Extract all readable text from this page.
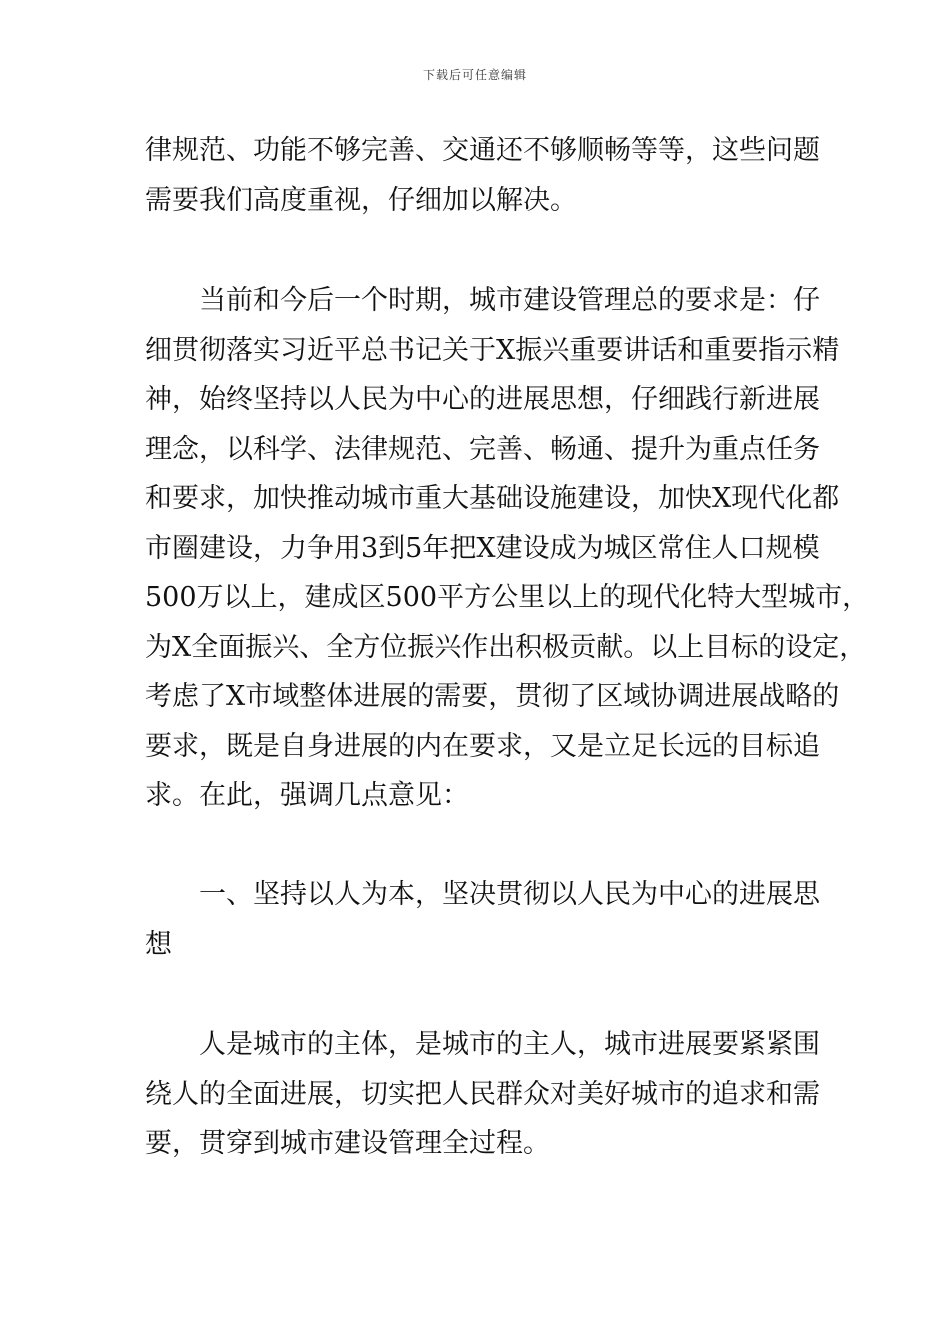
下载后可任意编辑
律规范、功能不够完善、交通还不够顺畅等等，这些问题
需要我们高度重视，仔细加以解决。
当前和今后一个时期，城市建设管理总的要求是：仔
细贯彻落实习近平总书记关于X振兴重要讲话和重要指示精
神，始终坚持以人民为中心的进展思想，仔细践行新进展
理念，以科学、法律规范、完善、畅通、提升为重点任务
和要求，加快推动城市重大基础设施建设，加快X现代化都
市圈建设，力争用3到5年把X建设成为城区常住人口规模
500万以上，建成区500平方公里以上的现代化特大型城市，
为X全面振兴、全方位振兴作出积极贡献。以上目标的设定，
考虑了X市域整体进展的需要，贯彻了区域协调进展战略的
要求，既是自身进展的内在要求，又是立足长远的目标追
求。在此，强调几点意见：
一、坚持以人为本，坚决贯彻以人民为中心的进展思
想
人是城市的主体，是城市的主人，城市进展要紧紧围
绕人的全面进展，切实把人民群众对美好城市的追求和需
要，贯穿到城市建设管理全过程。
